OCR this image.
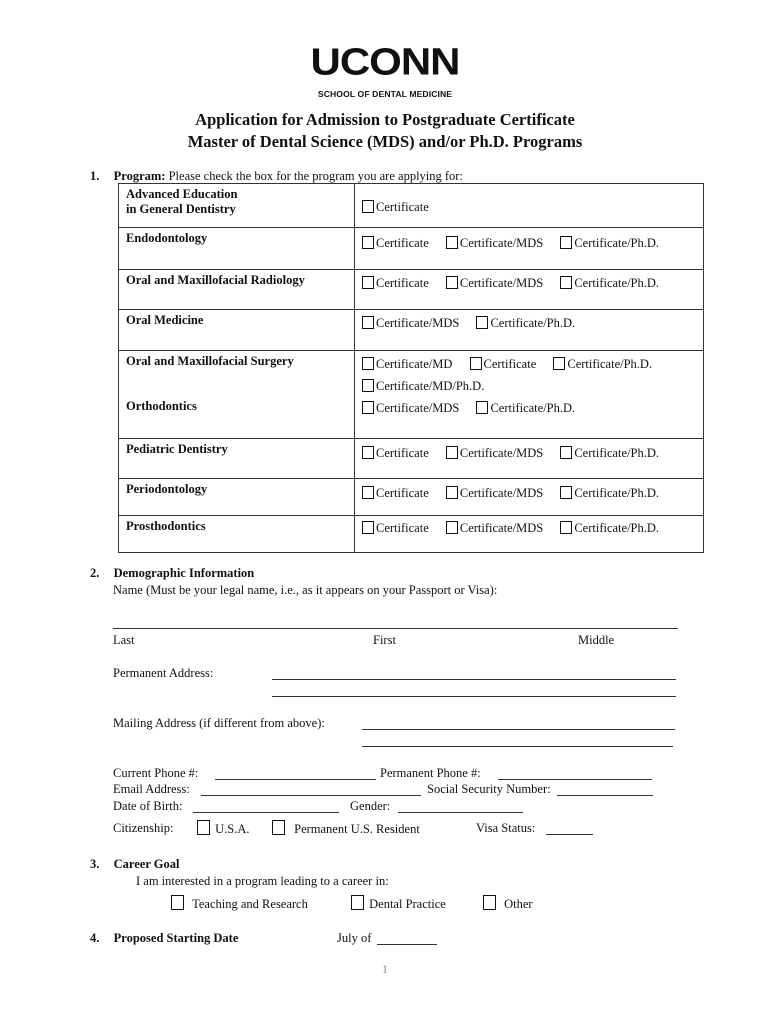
UCONN
SCHOOL OF DENTAL MEDICINE
Application for Admission to Postgraduate Certificate
Master of Dental Science (MDS) and/or Ph.D. Programs
1. Program: Please check the box for the program you are applying for:
Advanced Education
in General Dentistry	Certificate

Endodontology	Certificate Certificate/MDS Certificate/Ph.D.

Oral and Maxillofacial Radiology	Certificate Certificate/MDS Certificate/Ph.D.

Oral Medicine	Certificate/MDS Certificate/Ph.D.

Oral and Maxillofacial Surgery	Certificate/MD Certificate Certificate/Ph.D.
Certificate/MD/Ph.D.

Orthodontics	Certificate/MDS Certificate/Ph.D.

Pediatric Dentistry	Certificate Certificate/MDS Certificate/Ph.D.

Periodontology	Certificate Certificate/MDS Certificate/Ph.D.

Prosthodontics	Certificate Certificate/MDS Certificate/Ph.D.
2. Demographic Information
Name (Must be your legal name, i.e., as it appears on your Passport or Visa):
Last	First	Middle
Permanent Address:
Mailing Address (if different from above):
Current Phone #:	Permanent Phone #:
Email Address:	Social Security Number:
Date of Birth:	Gender:
Citizenship:	U.S.A.	Permanent U.S. Resident	Visa Status:
3. Career Goal
I am interested in a program leading to a career in:
Teaching and Research	Dental Practice	Other
4. Proposed Starting Date	July of
1
